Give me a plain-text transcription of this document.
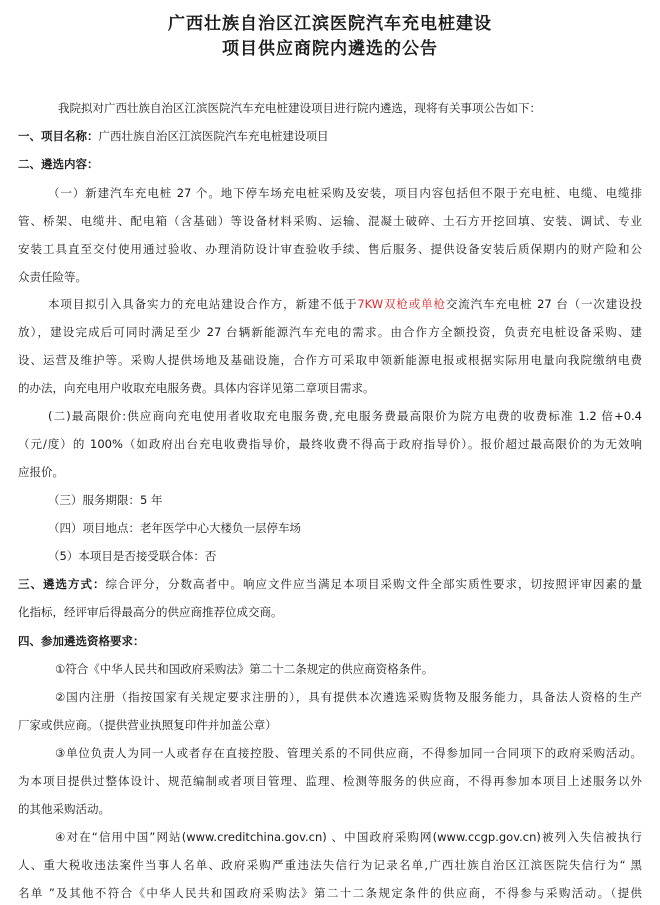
广西壮族自治区江滨医院汽车充电桩建设
项目供应商院内遴选的公告
我院拟对广西壮族自治区江滨医院汽车充电桩建设项目进行院内遴选，现将有关事项公告如下：
一、项目名称：广西壮族自治区江滨医院汽车充电桩建设项目
二、遴选内容：
（一）新建汽车充电桩 27 个。地下停车场充电桩采购及安装，项目内容包括但不限于充电桩、电缆、电缆排
管、桥架、电缆井、配电箱（含基础）等设备材料采购、运输、混凝土破碎、土石方开挖回填、安装、调试、专业
安装工具直至交付使用通过验收、办理消防设计审查验收手续、售后服务、提供设备安装后质保期内的财产险和公
众责任险等。
本项目拟引入具备实力的充电站建设合作方，新建不低于7KW双枪或单枪交流汽车充电桩 27 台（一次建设投
放），建设完成后可同时满足至少 27 台辆新能源汽车充电的需求。由合作方全额投资，负责充电桩设备采购、建
设、运营及维护等。采购人提供场地及基础设施，合作方可采取申领新能源电报或根据实际用电量向我院缴纳电费
的办法，向充电用户收取充电服务费。具体内容详见第二章项目需求。
(二)最高限价:供应商向充电使用者收取充电服务费,充电服务费最高限价为院方电费的收费标准 1.2 倍+0.4
（元/度）的 100%（如政府出台充电收费指导价，最终收费不得高于政府指导价）。报价超过最高限价的为无效响
应报价。
（三）服务期限：5 年
（四）项目地点：老年医学中心大楼负一层停车场
（5）本项目是否接受联合体：否
三、遴选方式：综合评分，分数高者中。响应文件应当满足本项目采购文件全部实质性要求，切按照评审因素的量
化指标，经评审后得最高分的供应商推荐位成交商。
四、参加遴选资格要求：
①符合《中华人民共和国政府采购法》第二十二条规定的供应商资格条件。
②国内注册（指按国家有关规定要求注册的），具有提供本次遴选采购货物及服务能力，具备法人资格的生产
厂家或供应商。（提供营业执照复印件并加盖公章）
③单位负责人为同一人或者存在直接控股、管理关系的不同供应商，不得参加同一合同项下的政府采购活动。
为本项目提供过整体设计、规范编制或者项目管理、监理、检测等服务的供应商，不得再参加本项目上述服务以外
的其他采购活动。
④对在“信用中国”网站(www.creditchina.gov.cn) 、中国政府采购网(www.ccgp.gov.cn)被列入失信被执行
人、重大税收违法案件当事人名单、政府采购严重违法失信行为记录名单,广西壮族自治区江滨医院失信行为“ 黑
名单 ”及其他不符合《中华人民共和国政府采购法》第二十二条规定条件的供应商，不得参与采购活动。（提供
